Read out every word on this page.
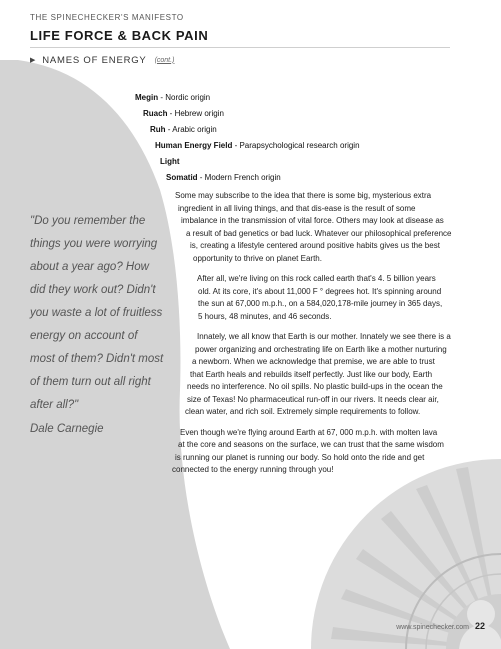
THE SPINECHECKER'S MANIFESTO
LIFE FORCE & BACK PAIN
▶ NAMES OF ENERGY (cont.)
Megin - Nordic origin
Ruach - Hebrew origin
Ruh - Arabic origin
Human Energy Field - Parapsychological research origin
Light
Somatid - Modern French origin
Some may subscribe to the idea that there is some big, mysterious extra
ingredient in all living things, and that dis-ease is the result of some
imbalance in the transmission of vital force. Others may look at disease as
a result of bad genetics or bad luck. Whatever our philosophical preference
is, creating a lifestyle centered around positive habits gives us the best
opportunity to thrive on planet Earth.
After all, we're living on this rock called earth that's 4. 5 billion years
old. At its core, it's about 11,000 F ° degrees hot. It's spinning around
the sun at 67,000 m.p.h., on a 584,020,178-mile journey in 365 days,
5 hours, 48 minutes, and 46 seconds.
Innately, we all know that Earth is our mother. Innately we see there is a
power organizing and orchestrating life on Earth like a mother nurturing
a newborn. When we acknowledge that premise, we are able to trust
that Earth heals and rebuilds itself perfectly. Just like our body, Earth
needs no interference. No oil spills. No plastic build-ups in the ocean the
size of Texas! No pharmaceutical run-off in our rivers. It needs clear air,
clean water, and rich soil. Extremely simple requirements to follow.
Even though we're flying around Earth at 67, 000 m.p.h. with molten lava
at the core and seasons on the surface, we can trust that the same wisdom
is running our planet is running our body. So hold onto the ride and get
connected to the energy running through you!
"Do you remember the
things you were worrying
about a year ago? How
did they work out? Didn't
you waste a lot of fruitless
energy on account of
most of them? Didn't most
of them turn out all right
after all?"
Dale Carnegie
www.spinechecker.com 22
